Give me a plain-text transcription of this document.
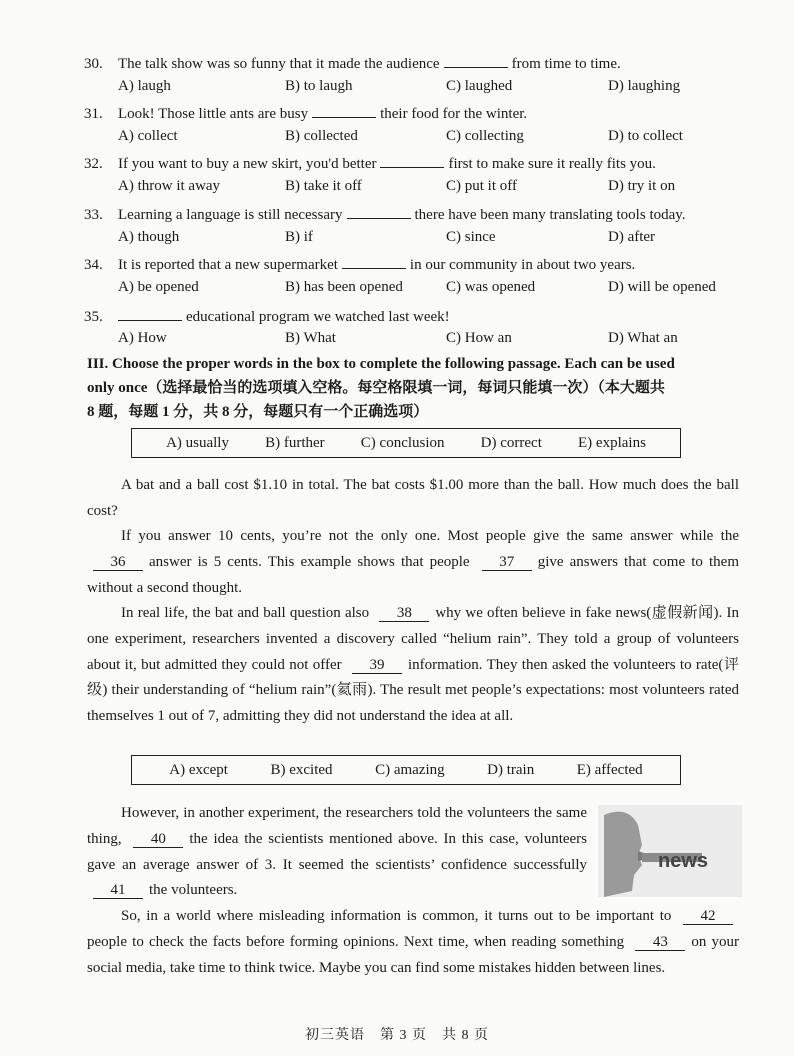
30. The talk show was so funny that it made the audience	from time to time.
A) laugh	B) to laugh	C) laughed	D) laughing
31. Look! Those little ants are busy	their food for the winter.
A) collect	B) collected	C) collecting	D) to collect
32. If you want to buy a new skirt, you'd better	first to make sure it really fits you.
A) throw it away	B) take it off	C) put it off	D) try it on
33. Learning a language is still necessary	there have been many translating tools today.
A) though	B) if	C) since	D) after
34. It is reported that a new supermarket	in our community in about two years.
A) be opened	B) has been opened	C) was opened	D) will be opened
35.	educational program we watched last week!
A) How	B) What	C) How an	D) What an
III. Choose the proper words in the box to complete the following passage. Each can be used
only once（选择最恰当的选项填入空格。每空格限填一词，每词只能填一次）（本大题共
8 题，每题 1 分，共 8 分，每题只有一个正确选项）
A) usually B) further C) conclusion D) correct E) explains
A bat and a ball cost $1.10 in total. The bat costs $1.00 more than the ball. How much does the ball cost?
If you answer 10 cents, you’re not the only one. Most people give the same answer while the 36 answer is 5 cents. This example shows that people 37 give answers that come to them without a second thought.
In real life, the bat and ball question also 38 why we often believe in fake news(虚假新闻). In one experiment, researchers invented a discovery called “helium rain”. They told a group of volunteers about it, but admitted they could not offer 39 information. They then asked the volunteers to rate(评级) their understanding of “helium rain”(氦雨). The result met people’s expectations: most volunteers rated themselves 1 out of 7, admitting they did not understand the idea at all.
A) except	B) excited	C) amazing	D) train	E) affected
However, in another experiment, the researchers told the volunteers the same thing, 40 the idea the scientists mentioned above. In this case, volunteers gave an average answer of 3. It seemed the scientists’ confidence successfully 41 the volunteers.
news
So, in a world where misleading information is common, it turns out to be important to 42people to check the facts before forming opinions. Next time, when reading something 43 on your social media, take time to think twice. Maybe you can find some mistakes hidden between lines.
初三英语　第 3 页　共 8 页
